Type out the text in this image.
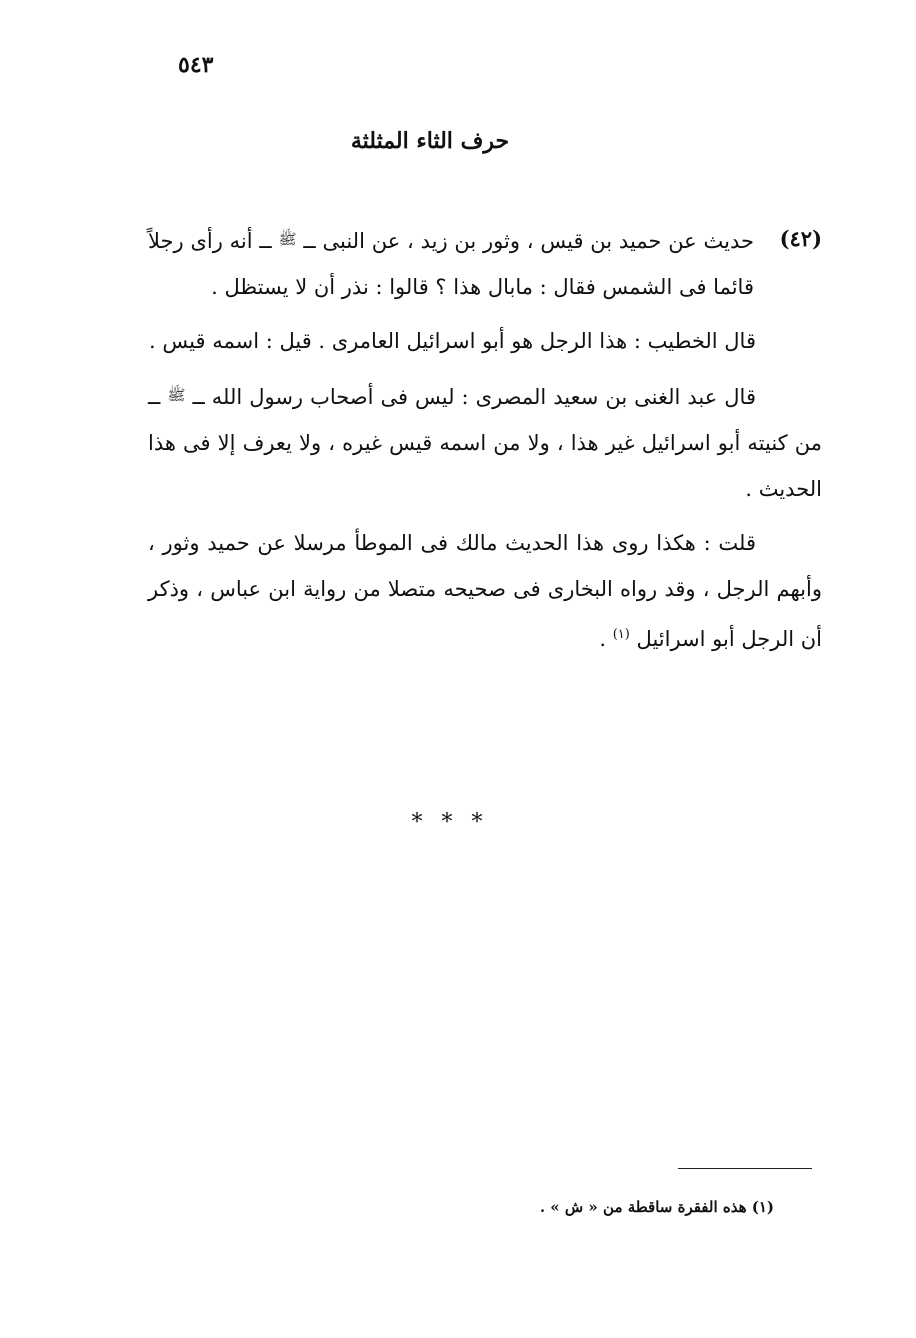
٥٤٣
حرف الثاء المثلثة

(٤٢)
حديث عن حميد بن قيس ، وثور بن زيد ، عن النبى ــ ﷺ ــ أنه رأى رجلاً قائما فى الشمس فقال : مابال هذا ؟ قالوا : نذر أن لا يستظل .

قال الخطيب : هذا الرجل هو أبو اسرائيل العامرى . قيل : اسمه قيس .

قال عبد الغنى بن سعيد المصرى : ليس فى أصحاب رسول الله ــ ﷺ ــ من كنيته أبو اسرائيل غير هذا ، ولا من اسمه قيس غيره ، ولا يعرف إلا فى هذا الحديث .

قلت : هكذا روى هذا الحديث مالك فى الموطأ مرسلا عن حميد وثور ، وأبهم الرجل ، وقد رواه البخارى فى صحيحه متصلا من رواية ابن عباس ، وذكر أن الرجل أبو اسرائيل $^{(١)}$ .

* * *
(١) هذه الفقرة ساقطة من « ش » .
